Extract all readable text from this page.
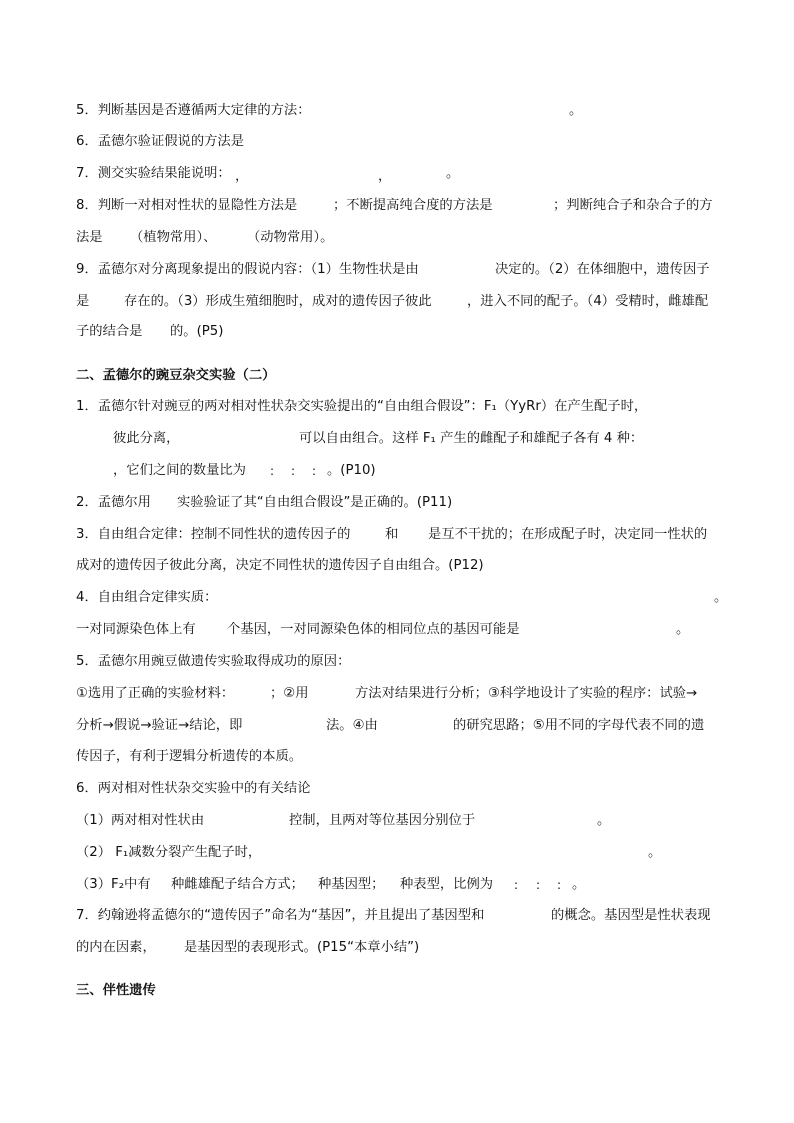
5．判断基因是否遵循两大定律的方法：	。
6．孟德尔验证假说的方法是
7．测交实验结果能说明： ，	，	。
8．判断一对相对性状的显隐性方法是	；不断提高纯合度的方法是	；判断纯合子和杂合子的方
法是 （植物常用）、 （动物常用）。
9．孟德尔对分离现象提出的假说内容：（1）生物性状是由	决定的。（2）在体细胞中，遗传因子
是	存在的。（3）形成生殖细胞时，成对的遗传因子彼此	，进入不同的配子。（4）受精时，雌雄配
子的结合是 的。(P5)
二、孟德尔的豌豆杂交实验（二）
1．孟德尔针对豌豆的两对相对性状杂交实验提出的“自由组合假设”：F₁（YyRr）在产生配子时，
彼此分离，	可以自由组合。这样 F₁ 产生的雌配子和雄配子各有 4 种：
，它们之间的数量比为 : : : 。(P10)
2．孟德尔用 实验验证了其“自由组合假设”是正确的。(P11)
3．自由组合定律：控制不同性状的遗传因子的	和 是互不干扰的；在形成配子时，决定同一性状的
成对的遗传因子彼此分离，决定不同性状的遗传因子自由组合。(P12)
4．自由组合定律实质：	。
一对同源染色体上有 个基因，一对同源染色体的相同位点的基因可能是	。
5．孟德尔用豌豆做遗传实验取得成功的原因：
①选用了正确的实验材料：	；②用	方法对结果进行分析；③科学地设计了实验的程序：试验→
分析→假说→验证→结论，即	法。④由	的研究思路；⑤用不同的字母代表不同的遗
传因子，有利于逻辑分析遗传的本质。
6．两对相对性状杂交实验中的有关结论
（1）两对相对性状由	控制，且两对等位基因分别位于	。
（2） F₁减数分裂产生配子时，	。
（3）F₂中有 种雌雄配子结合方式； 种基因型； 种表型，比例为 : : : 。
7．约翰逊将孟德尔的“遗传因子”命名为“基因”，并且提出了基因型和	的概念。基因型是性状表现
的内在因素， 是基因型的表现形式。(P15“本章小结”)
三、伴性遗传
